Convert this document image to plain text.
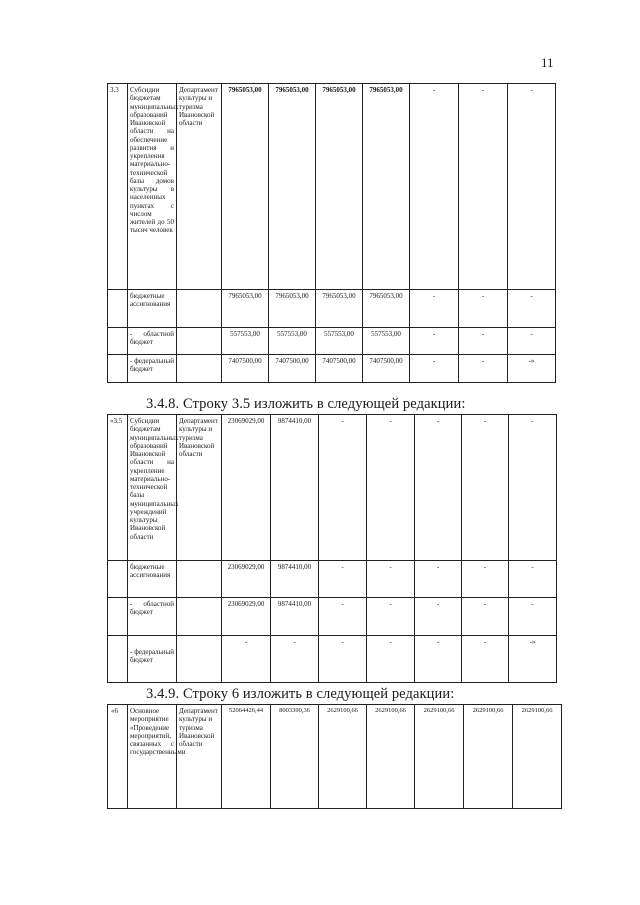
11
3.3	Субсидии бюджетам муниципальных образований Ивановской области на обеспечение развития и укрепления материально-технической базы домов культуры в населенных пунктах с числом жителей до 50 тысяч человек	Департамент культуры и туризма Ивановской области	7965053,00	7965053,00	7965053,00	7965053,00	-	-	-
	бюджетные ассигнования		7965053,00	7965053,00	7965053,00	7965053,00	-	-	-
	- областной бюджет		557553,00	557553,00	557553,00	557553,00	-	-	-
	- федеральный бюджет		7407500,00	7407500,00	7407500,00	7407500,00	-	-	-»
3.4.8. Строку 3.5 изложить в следующей редакции:
«3.5	Субсидии бюджетам муниципальных образований Ивановской области на укрепление материально-технической базы муниципальных учреждений культуры Ивановской области	Департамент культуры и туризма Ивановской области	23069029,00	9874410,00	-	-	-	-	-
	бюджетные ассигнования		23069029,00	9874410,00	-	-	-	-	-
	- областной бюджет		23069029,00	9874410,00	-	-	-	-	-
	- федеральный бюджет		-	-	-	-	-	-	-»
3.4.9. Строку 6 изложить в следующей редакции:
«6	Основное мероприятие «Проведение мероприятий, связанных с государственными	Департамент культуры и туризма Ивановской области	52064426,44	8003390,36	2629100,66	2629100,66	2629100,66	2629100,66	2629100,66
